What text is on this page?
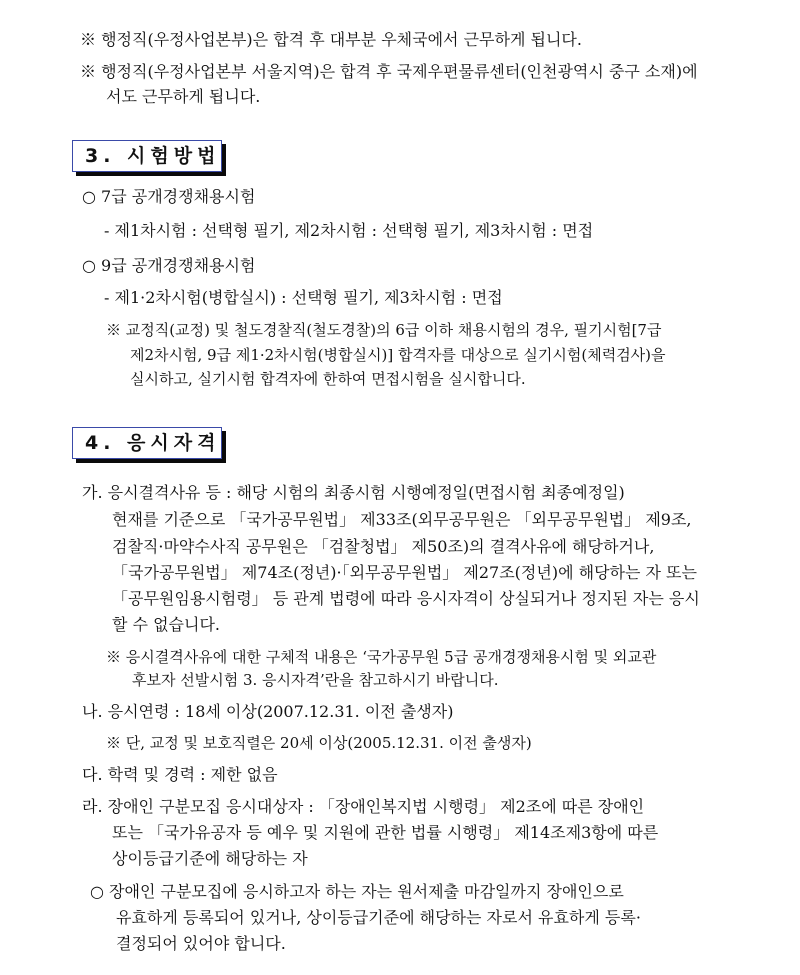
※ 행정직(우정사업본부)은 합격 후 대부분 우체국에서 근무하게 됩니다.
※ 행정직(우정사업본부 서울지역)은 합격 후 국제우편물류센터(인천광역시 중구 소재)에
서도 근무하게 됩니다.
3. 시험방법
○ 7급 공개경쟁채용시험
- 제1차시험 : 선택형 필기, 제2차시험 : 선택형 필기, 제3차시험 : 면접
○ 9급 공개경쟁채용시험
- 제1·2차시험(병합실시) : 선택형 필기, 제3차시험 : 면접
※ 교정직(교정) 및 철도경찰직(철도경찰)의 6급 이하 채용시험의 경우, 필기시험[7급
제2차시험, 9급 제1·2차시험(병합실시)] 합격자를 대상으로 실기시험(체력검사)을
실시하고, 실기시험 합격자에 한하여 면접시험을 실시합니다.
4. 응시자격
가. 응시결격사유 등 : 해당 시험의 최종시험 시행예정일(면접시험 최종예정일)
현재를 기준으로 「국가공무원법」 제33조(외무공무원은 「외무공무원법」 제9조,
검찰직·마약수사직 공무원은 「검찰청법」 제50조)의 결격사유에 해당하거나,
「국가공무원법」 제74조(정년)·「외무공무원법」 제27조(정년)에 해당하는 자 또는
「공무원임용시험령」 등 관계 법령에 따라 응시자격이 상실되거나 정지된 자는 응시
할 수 없습니다.
※ 응시결격사유에 대한 구체적 내용은 ‘국가공무원 5급 공개경쟁채용시험 및 외교관
후보자 선발시험 3. 응시자격’란을 참고하시기 바랍니다.
나. 응시연령 : 18세 이상(2007.12.31. 이전 출생자)
※ 단, 교정 및 보호직렬은 20세 이상(2005.12.31. 이전 출생자)
다. 학력 및 경력 : 제한 없음
라. 장애인 구분모집 응시대상자 : 「장애인복지법 시행령」 제2조에 따른 장애인
또는 「국가유공자 등 예우 및 지원에 관한 법률 시행령」 제14조제3항에 따른
상이등급기준에 해당하는 자
○ 장애인 구분모집에 응시하고자 하는 자는 원서제출 마감일까지 장애인으로
유효하게 등록되어 있거나, 상이등급기준에 해당하는 자로서 유효하게 등록·
결정되어 있어야 합니다.
